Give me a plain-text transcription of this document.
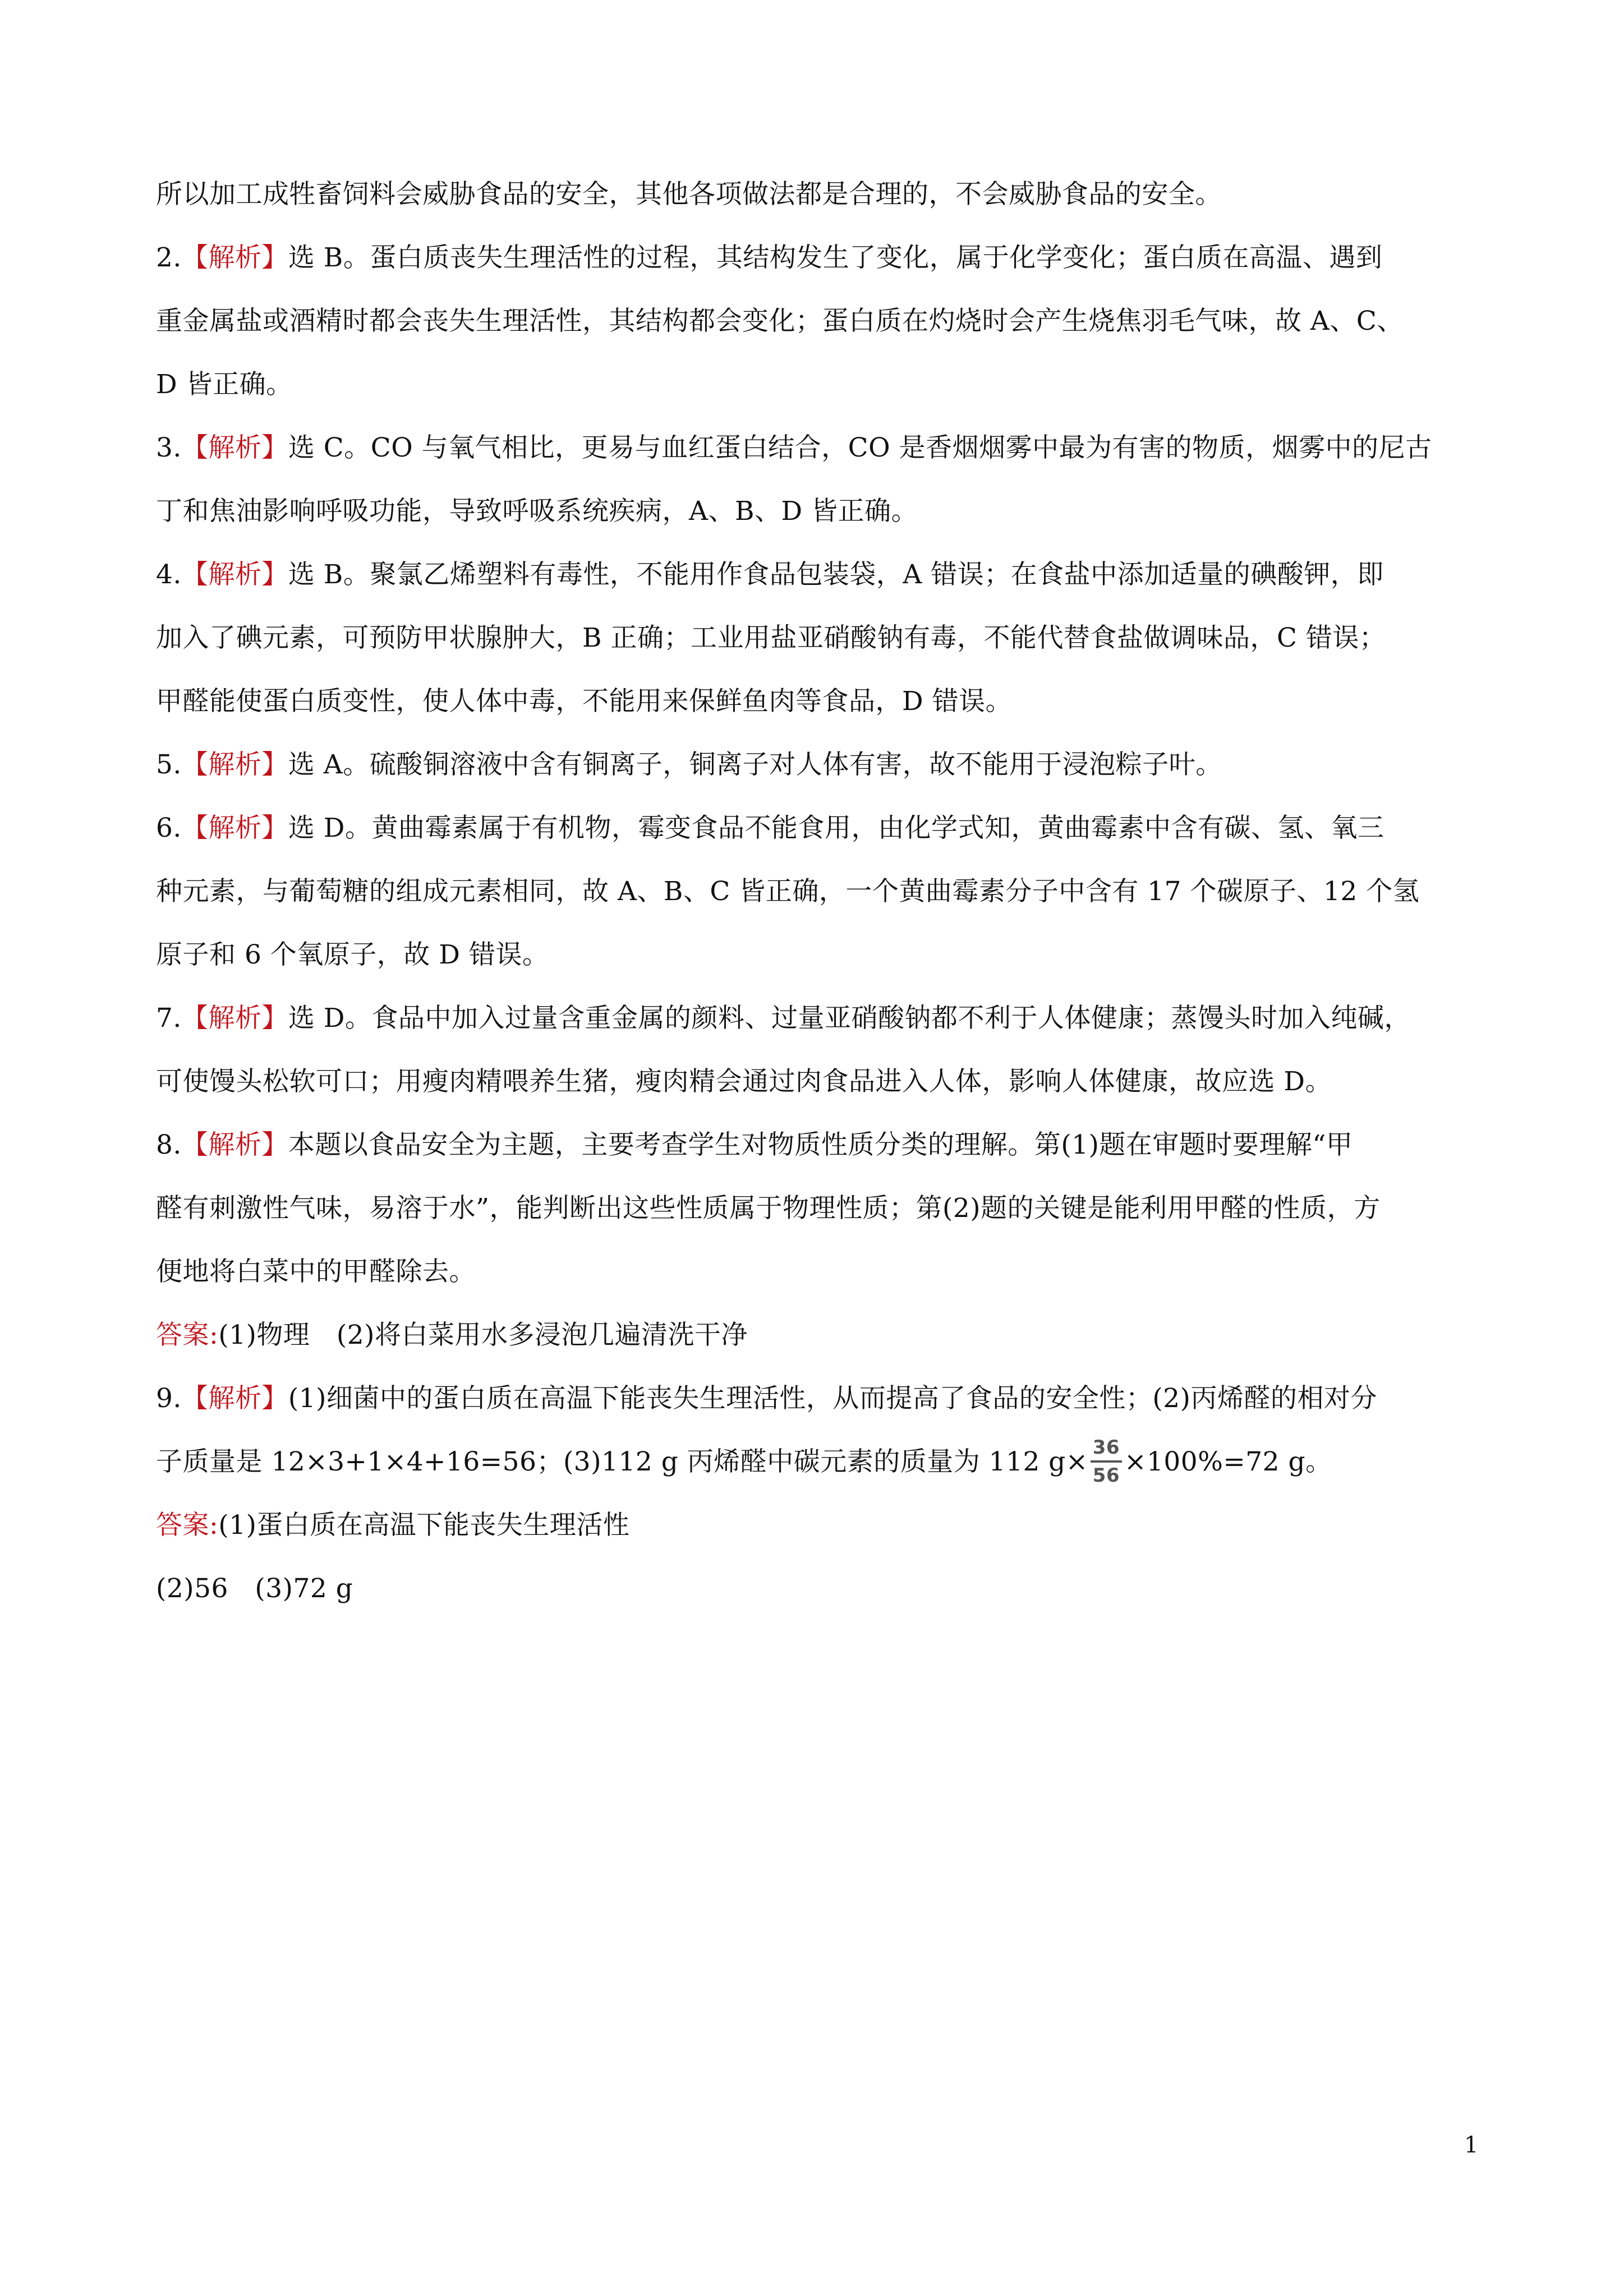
所以加工成牲畜饲料会威胁食品的安全，其他各项做法都是合理的，不会威胁食品的安全。
2.【解析】选 B。蛋白质丧失生理活性的过程，其结构发生了变化，属于化学变化；蛋白质在高温、遇到
重金属盐或酒精时都会丧失生理活性，其结构都会变化；蛋白质在灼烧时会产生烧焦羽毛气味，故 A、C、
D 皆正确。
3.【解析】选 C。CO 与氧气相比，更易与血红蛋白结合，CO 是香烟烟雾中最为有害的物质，烟雾中的尼古
丁和焦油影响呼吸功能，导致呼吸系统疾病，A、B、D 皆正确。
4.【解析】选 B。聚氯乙烯塑料有毒性，不能用作食品包装袋，A 错误；在食盐中添加适量的碘酸钾，即
加入了碘元素，可预防甲状腺肿大，B 正确；工业用盐亚硝酸钠有毒，不能代替食盐做调味品，C 错误；
甲醛能使蛋白质变性，使人体中毒，不能用来保鲜鱼肉等食品，D 错误。
5.【解析】选 A。硫酸铜溶液中含有铜离子，铜离子对人体有害，故不能用于浸泡粽子叶。
6.【解析】选 D。黄曲霉素属于有机物，霉变食品不能食用，由化学式知，黄曲霉素中含有碳、氢、氧三
种元素，与葡萄糖的组成元素相同，故 A、B、C 皆正确，一个黄曲霉素分子中含有 17 个碳原子、12 个氢
原子和 6 个氧原子，故 D 错误。
7.【解析】选 D。食品中加入过量含重金属的颜料、过量亚硝酸钠都不利于人体健康；蒸馒头时加入纯碱，
可使馒头松软可口；用瘦肉精喂养生猪，瘦肉精会通过肉食品进入人体，影响人体健康，故应选 D。
8.【解析】本题以食品安全为主题，主要考查学生对物质性质分类的理解。第(1)题在审题时要理解“甲
醛有刺激性气味，易溶于水”，能判断出这些性质属于物理性质；第(2)题的关键是能利用甲醛的性质，方
便地将白菜中的甲醛除去。
答案:(1)物理　(2)将白菜用水多浸泡几遍清洗干净
9.【解析】(1)细菌中的蛋白质在高温下能丧失生理活性，从而提高了食品的安全性；(2)丙烯醛的相对分
子质量是 12×3+1×4+16=56；(3)112 g 丙烯醛中碳元素的质量为 112 $g\times \frac{36}{56} \times 100\%=72$ g。
答案:(1)蛋白质在高温下能丧失生理活性
(2)56　(3)72 g
1
